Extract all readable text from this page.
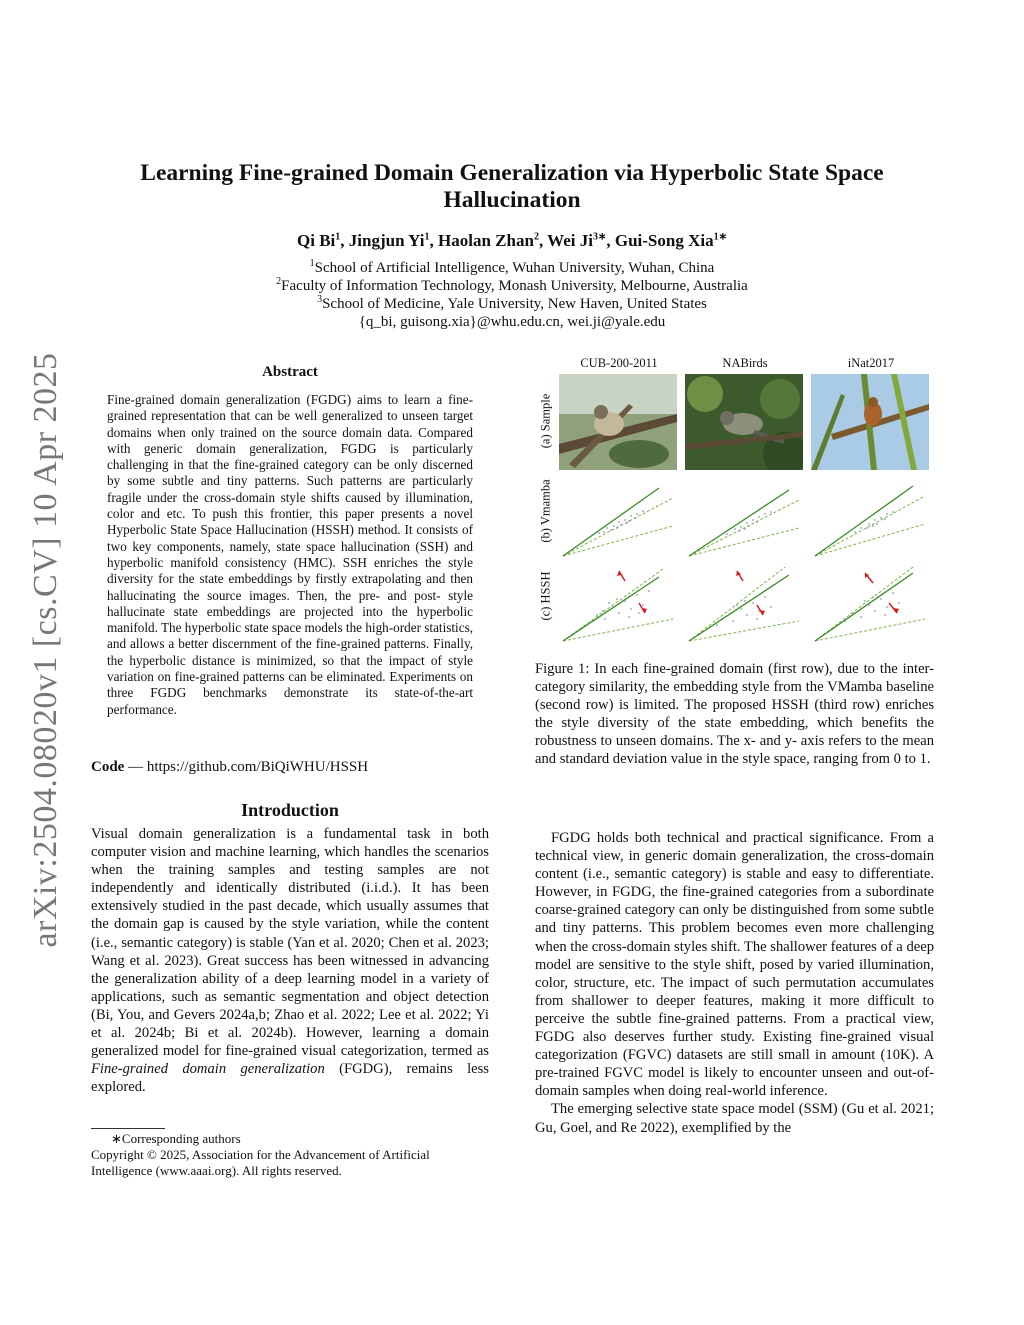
arXiv:2504.08020v1 [cs.CV] 10 Apr 2025
Learning Fine-grained Domain Generalization via Hyperbolic State Space Hallucination
Qi Bi$^1$, Jingjun Yi$^1$, Haolan Zhan$^2$, Wei $Ji^{3∗}$, Gui-Song Xia$^{1∗}$
$^1$School of Artificial Intelligence, Wuhan University, Wuhan, China
$^2$Faculty of Information Technology, Monash University, Melbourne, Australia
$^3$School of Medicine, Yale University, New Haven, United States
{q_bi, guisong.xia}@whu.edu.cn, wei.ji@yale.edu
Abstract
Fine-grained domain generalization (FGDG) aims to learn a fine-grained representation that can be well generalized to unseen target domains when only trained on the source domain data. Compared with generic domain generalization, FGDG is particularly challenging in that the fine-grained category can be only discerned by some subtle and tiny patterns. Such patterns are particularly fragile under the cross-domain style shifts caused by illumination, color and etc. To push this frontier, this paper presents a novel Hyperbolic State Space Hallucination (HSSH) method. It consists of two key components, namely, state space hallucination (SSH) and hyperbolic manifold consistency (HMC). SSH enriches the style diversity for the state embeddings by firstly extrapolating and then hallucinating the source images. Then, the pre- and post- style hallucinate state embeddings are projected into the hyperbolic manifold. The hyperbolic state space models the high-order statistics, and allows a better discernment of the fine-grained patterns. Finally, the hyperbolic distance is minimized, so that the impact of style variation on fine-grained patterns can be eliminated. Experiments on three FGDG benchmarks demonstrate its state-of-the-art performance.
Code — https://github.com/BiQiWHU/HSSH
Introduction

Visual domain generalization is a fundamental task in both computer vision and machine learning, which handles the scenarios when the training samples and testing samples are not independently and identically distributed (i.i.d.). It has been extensively studied in the past decade, which usually assumes that the domain gap is caused by the style variation, while the content (i.e., semantic category) is stable (Yan et al. 2020; Chen et al. 2023; Wang et al. 2023). Great success has been witnessed in advancing the generalization ability of a deep learning model in a variety of applications, such as semantic segmentation and object detection (Bi, You, and Gevers 2024a,b; Zhao et al. 2022; Lee et al. 2022; Yi et al. 2024b; Bi et al. 2024b). However, learning a domain generalized model for fine-grained visual categorization, termed as Fine-grained domain generalization (FGDG), remains less explored.

∗Corresponding authors
Copyright © 2025, Association for the Advancement of Artificial Intelligence (www.aaai.org). All rights reserved.
CUB-200-2011	NABirds	iNat2017
(a) Sample
(b) Vmamba
(c) HSSH
Figure 1: In each fine-grained domain (first row), due to the inter-category similarity, the embedding style from the VMamba baseline (second row) is limited. The proposed HSSH (third row) enriches the style diversity of the state embedding, which benefits the robustness to unseen domains. The x- and y- axis refers to the mean and standard deviation value in the style space, ranging from 0 to 1.

FGDG holds both technical and practical significance. From a technical view, in generic domain generalization, the cross-domain content (i.e., semantic category) is stable and easy to differentiate. However, in FGDG, the fine-grained categories from a subordinate coarse-grained category can only be distinguished from some subtle and tiny patterns. This problem becomes even more challenging when the cross-domain styles shift. The shallower features of a deep model are sensitive to the style shift, posed by varied illumination, color, structure, etc. The impact of such permutation accumulates from shallower to deeper features, making it more difficult to perceive the subtle fine-grained patterns. From a practical view, FGDG also deserves further study. Existing fine-grained visual categorization (FGVC) datasets are still small in amount (10K). A pre-trained FGVC model is likely to encounter unseen and out-of-domain samples when doing real-world inference.

The emerging selective state space model (SSM) (Gu et al. 2021; Gu, Goel, and Re 2022), exemplified by the
